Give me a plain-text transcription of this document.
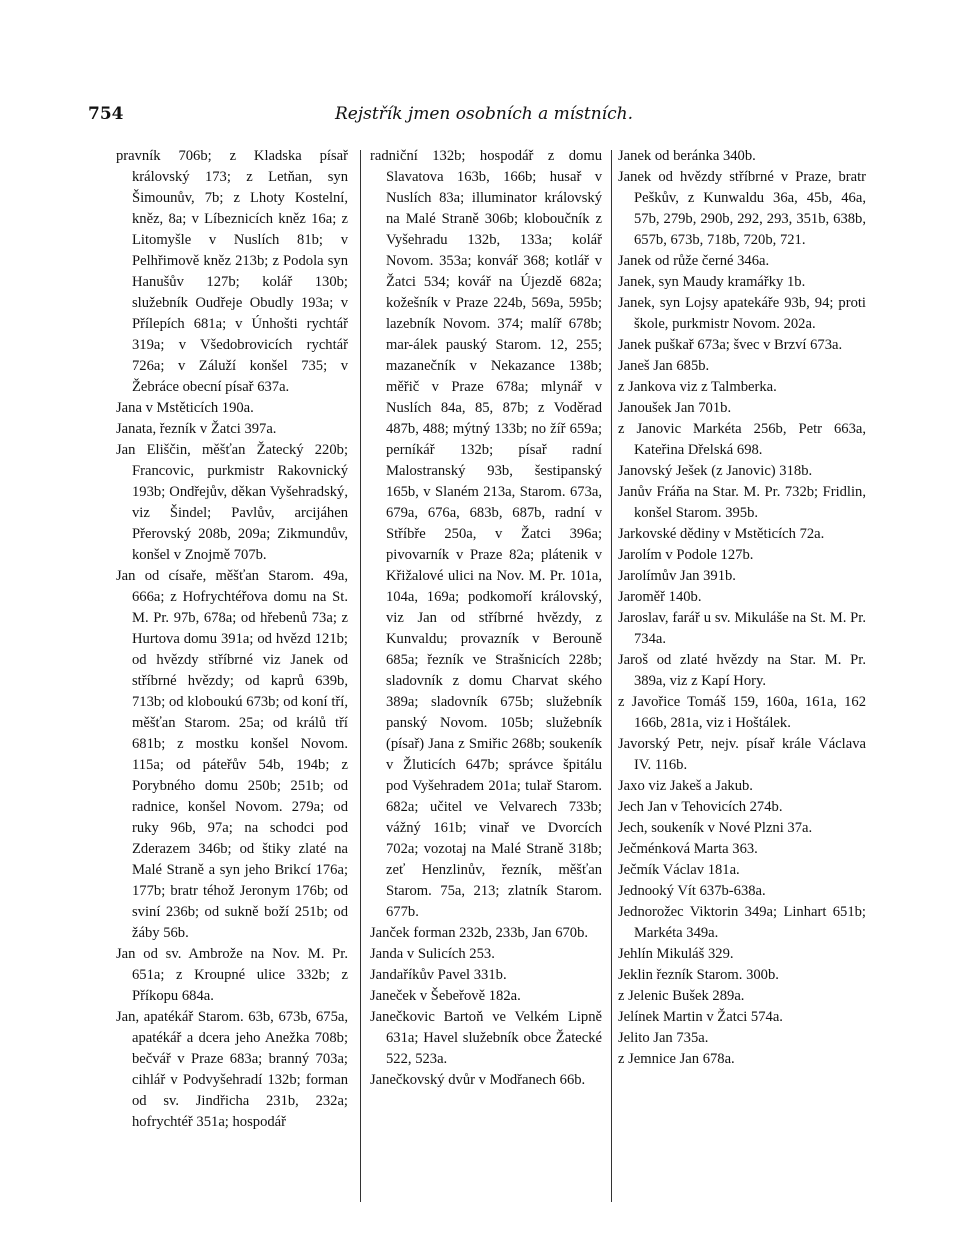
754	Rejstřík jmen osobních a místních.

pravník 706b; z Kladska písař královský 173; z Letňan, syn Šimounův, 7b; z Lhoty Kostelní, kněz, 8a; v Líbeznicích kněz 16a; z Litomyšle v Nuslích 81b; v Pelhřimově kněz 213b; z Podola syn Hanušův 127b; kolář 130b; služebník Oudřeje Obudly 193a; v Přílepích 681a; v Únhošti rychtář 319a; v Všedobrovicích rychtář 726a; v Záluží konšel 735; v Žebráce obecní písař 637a.

Jana v Mstěticích 190a.

Janata, řezník v Žatci 397a.

Jan Eliščin, měšťan Žatecký 220b; Francovic, purkmistr Rakovnický 193b; Ondřejův, děkan Vyšehradský, viz Šindel; Pavlův, arcijáhen Přerovský 208b, 209a; Zikmundův, konšel v Znojmě 707b.

Jan od císaře, měšťan Starom. 49a, 666a; z Hofrychtéřova domu na St. M. Pr. 97b, 678a; od hřebenů 73a; z Hurtova domu 391a; od hvězd 121b; od hvězdy stříbrné viz Janek od stříbrné hvězdy; od kaprů 639b, 713b; od kloboukú 673b; od koní tří, měšťan Starom. 25a; od králů tří 681b; z mostku konšel Novom. 115a; od páteřův 54b, 194b; z Porybného domu 250b; 251b; od radnice, konšel Novom. 279a; od ruky 96b, 97a; na schodci pod Zderazem 346b; od štiky zlaté na Malé Straně a syn jeho Brikcí 176a; 177b; bratr téhož Jeronym 176b; od sviní 236b; od sukně boží 251b; od žáby 56b.

Jan od sv. Ambrože na Nov. M. Pr. 651a; z Kroupné ulice 332b; z Příkopu 684a.

Jan, apatékář Starom. 63b, 673b, 675a, apatékář a dcera jeho Anežka 708b; bečvář v Praze 683a; branný 703a; cihlář v Podvyšehradí 132b; forman od sv. Jindřicha 231b, 232a; hofrychtéř 351a; hospodář

radniční 132b; hospodář z domu Slavatova 163b, 166b; husař v Nuslích 83a; illuminator královský na Malé Straně 306b; kloboučník z Vyšehradu 132b, 133a; kolář Novom. 353a; konvář 368; kotlář v Žatci 534; kovář na Újezdě 682a; kožešník v Praze 224b, 569a, 595b; lazebník Novom. 374; malíř 678b; mar-álek pauský Starom. 12, 255; mazanečník v Nekazance 138b; měřič v Praze 678a; mlynář v Nuslích 84a, 85, 87b; z Voděrad 487b, 488; mýtný 133b; no žíř 659a; perníkář 132b; písař radní Malostranský 93b, šestipanský 165b, v Slaném 213a, Starom. 673a, 679a, 676a, 683b, 687b, radní v Stříbře 250a, v Žatci 396a; pivovarník v Praze 82a; plátenik v Křižalové ulici na Nov. M. Pr. 101a, 104a, 169a; podkomoří královský, viz Jan od stříbrné hvězdy, z Kunvaldu; provazník v Berouně 685a; řezník ve Strašnicích 228b; sladovník z domu Charvat ského 389a; sladovník 675b; služebník panský Novom. 105b; služebník (písař) Jana z Smiřic 268b; soukeník v Žluticích 647b; správce špitálu pod Vyšehradem 201a; tulař Starom. 682a; učitel ve Velvarech 733b; vážný 161b; vinař ve Dvorcích 702a; vozotaj na Malé Straně 318b; zeť Henzlinův, řezník, měšťan Starom. 75a, 213; zlatník Starom. 677b.

Janček forman 232b, 233b, Jan 670b.

Janda v Sulicích 253.

Jandaříkův Pavel 331b.

Janeček v Šebeřově 182a.

Janečkovic Bartoň ve Velkém Lipně 631a; Havel služebník obce Žatecké 522, 523a.

Janečkovský dvůr v Modřanech 66b.

Janek od beránka 340b.

Janek od hvězdy stříbrné v Praze, bratr Peškův, z Kunwaldu 36a, 45b, 46a, 57b, 279b, 290b, 292, 293, 351b, 638b, 657b, 673b, 718b, 720b, 721.

Janek od růže černé 346a.

Janek, syn Maudy kramářky 1b.

Janek, syn Lojsy apatekáře 93b, 94; proti škole, purkmistr Novom. 202a.

Janek puškař 673a; švec v Brzví 673a.

Janeš Jan 685b.

z Jankova viz z Talmberka.

Janoušek Jan 701b.

z Janovic Markéta 256b, Petr 663a, Kateřina Dřelská 698.

Janovský Ješek (z Janovic) 318b.

Janův Fráňa na Star. M. Pr. 732b; Fridlin, konšel Starom. 395b.

Jarkovské dědiny v Mstěticích 72a.

Jarolím v Podole 127b.

Jarolímův Jan 391b.

Jaroměř 140b.

Jaroslav, farář u sv. Mikuláše na St. M. Pr. 734a.

Jaroš od zlaté hvězdy na Star. M. Pr. 389a, viz z Kapí Hory.

z Javořice Tomáš 159, 160a, 161a, 162 166b, 281a, viz i Hoštálek.

Javorský Petr, nejv. písař krále Václava IV. 116b.

Jaxo viz Jakeš a Jakub.

Jech Jan v Tehovicích 274b.

Jech, soukeník v Nové Plzni 37a.

Ječménková Marta 363.

Ječmík Václav 181a.

Jednooký Vít 637b-638a.

Jednorožec Viktorin 349a; Linhart 651b; Markéta 349a.

Jehlín Mikuláš 329.

Jeklin řezník Starom. 300b.

z Jelenic Bušek 289a.

Jelínek Martin v Žatci 574a.

Jelito Jan 735a.

z Jemnice Jan 678a.
